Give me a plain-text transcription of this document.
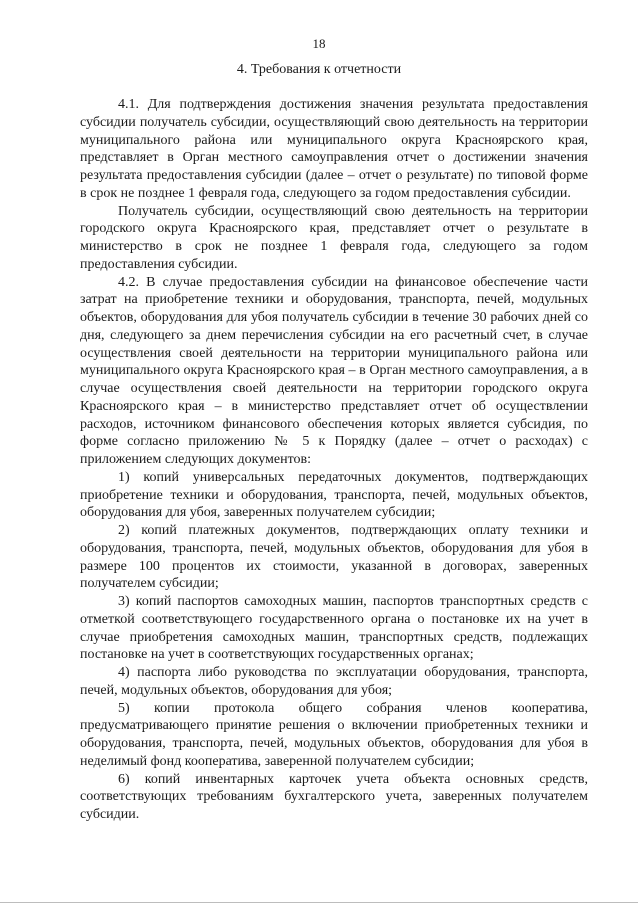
18
4. Требования к отчетности

4.1. Для подтверждения достижения значения результата предоставления субсидии получатель субсидии, осуществляющий свою деятельность на территории муниципального района или муниципального округа Красноярского края, представляет в Орган местного самоуправления отчет о достижении значения результата предоставления субсидии (далее – отчет о результате) по типовой форме в срок не позднее 1 февраля года, следующего за годом предоставления субсидии.

Получатель субсидии, осуществляющий свою деятельность на территории городского округа Красноярского края, представляет отчет о результате в министерство в срок не позднее 1 февраля года, следующего за годом предоставления субсидии.

4.2. В случае предоставления субсидии на финансовое обеспечение части затрат на приобретение техники и оборудования, транспорта, печей, модульных объектов, оборудования для убоя получатель субсидии в течение 30 рабочих дней со дня, следующего за днем перечисления субсидии на его расчетный счет, в случае осуществления своей деятельности на территории муниципального района или муниципального округа Красноярского края – в Орган местного самоуправления, а в случае осуществления своей деятельности на территории городского округа Красноярского края – в министерство представляет отчет об осуществлении расходов, источником финансового обеспечения которых является субсидия, по форме согласно приложению № 5 к Порядку (далее – отчет о расходах) с приложением следующих документов:

1) копий универсальных передаточных документов, подтверждающих приобретение техники и оборудования, транспорта, печей, модульных объектов, оборудования для убоя, заверенных получателем субсидии;

2) копий платежных документов, подтверждающих оплату техники и оборудования, транспорта, печей, модульных объектов, оборудования для убоя в размере 100 процентов их стоимости, указанной в договорах, заверенных получателем субсидии;

3) копий паспортов самоходных машин, паспортов транспортных средств с отметкой соответствующего государственного органа о постановке их на учет в случае приобретения самоходных машин, транспортных средств, подлежащих постановке на учет в соответствующих государственных органах;

4) паспорта либо руководства по эксплуатации оборудования, транспорта, печей, модульных объектов, оборудования для убоя;

5) копии протокола общего собрания членов кооператива, предусматривающего принятие решения о включении приобретенных техники и оборудования, транспорта, печей, модульных объектов, оборудования для убоя в неделимый фонд кооператива, заверенной получателем субсидии;

6) копий инвентарных карточек учета объекта основных средств, соответствующих требованиям бухгалтерского учета, заверенных получателем субсидии.
